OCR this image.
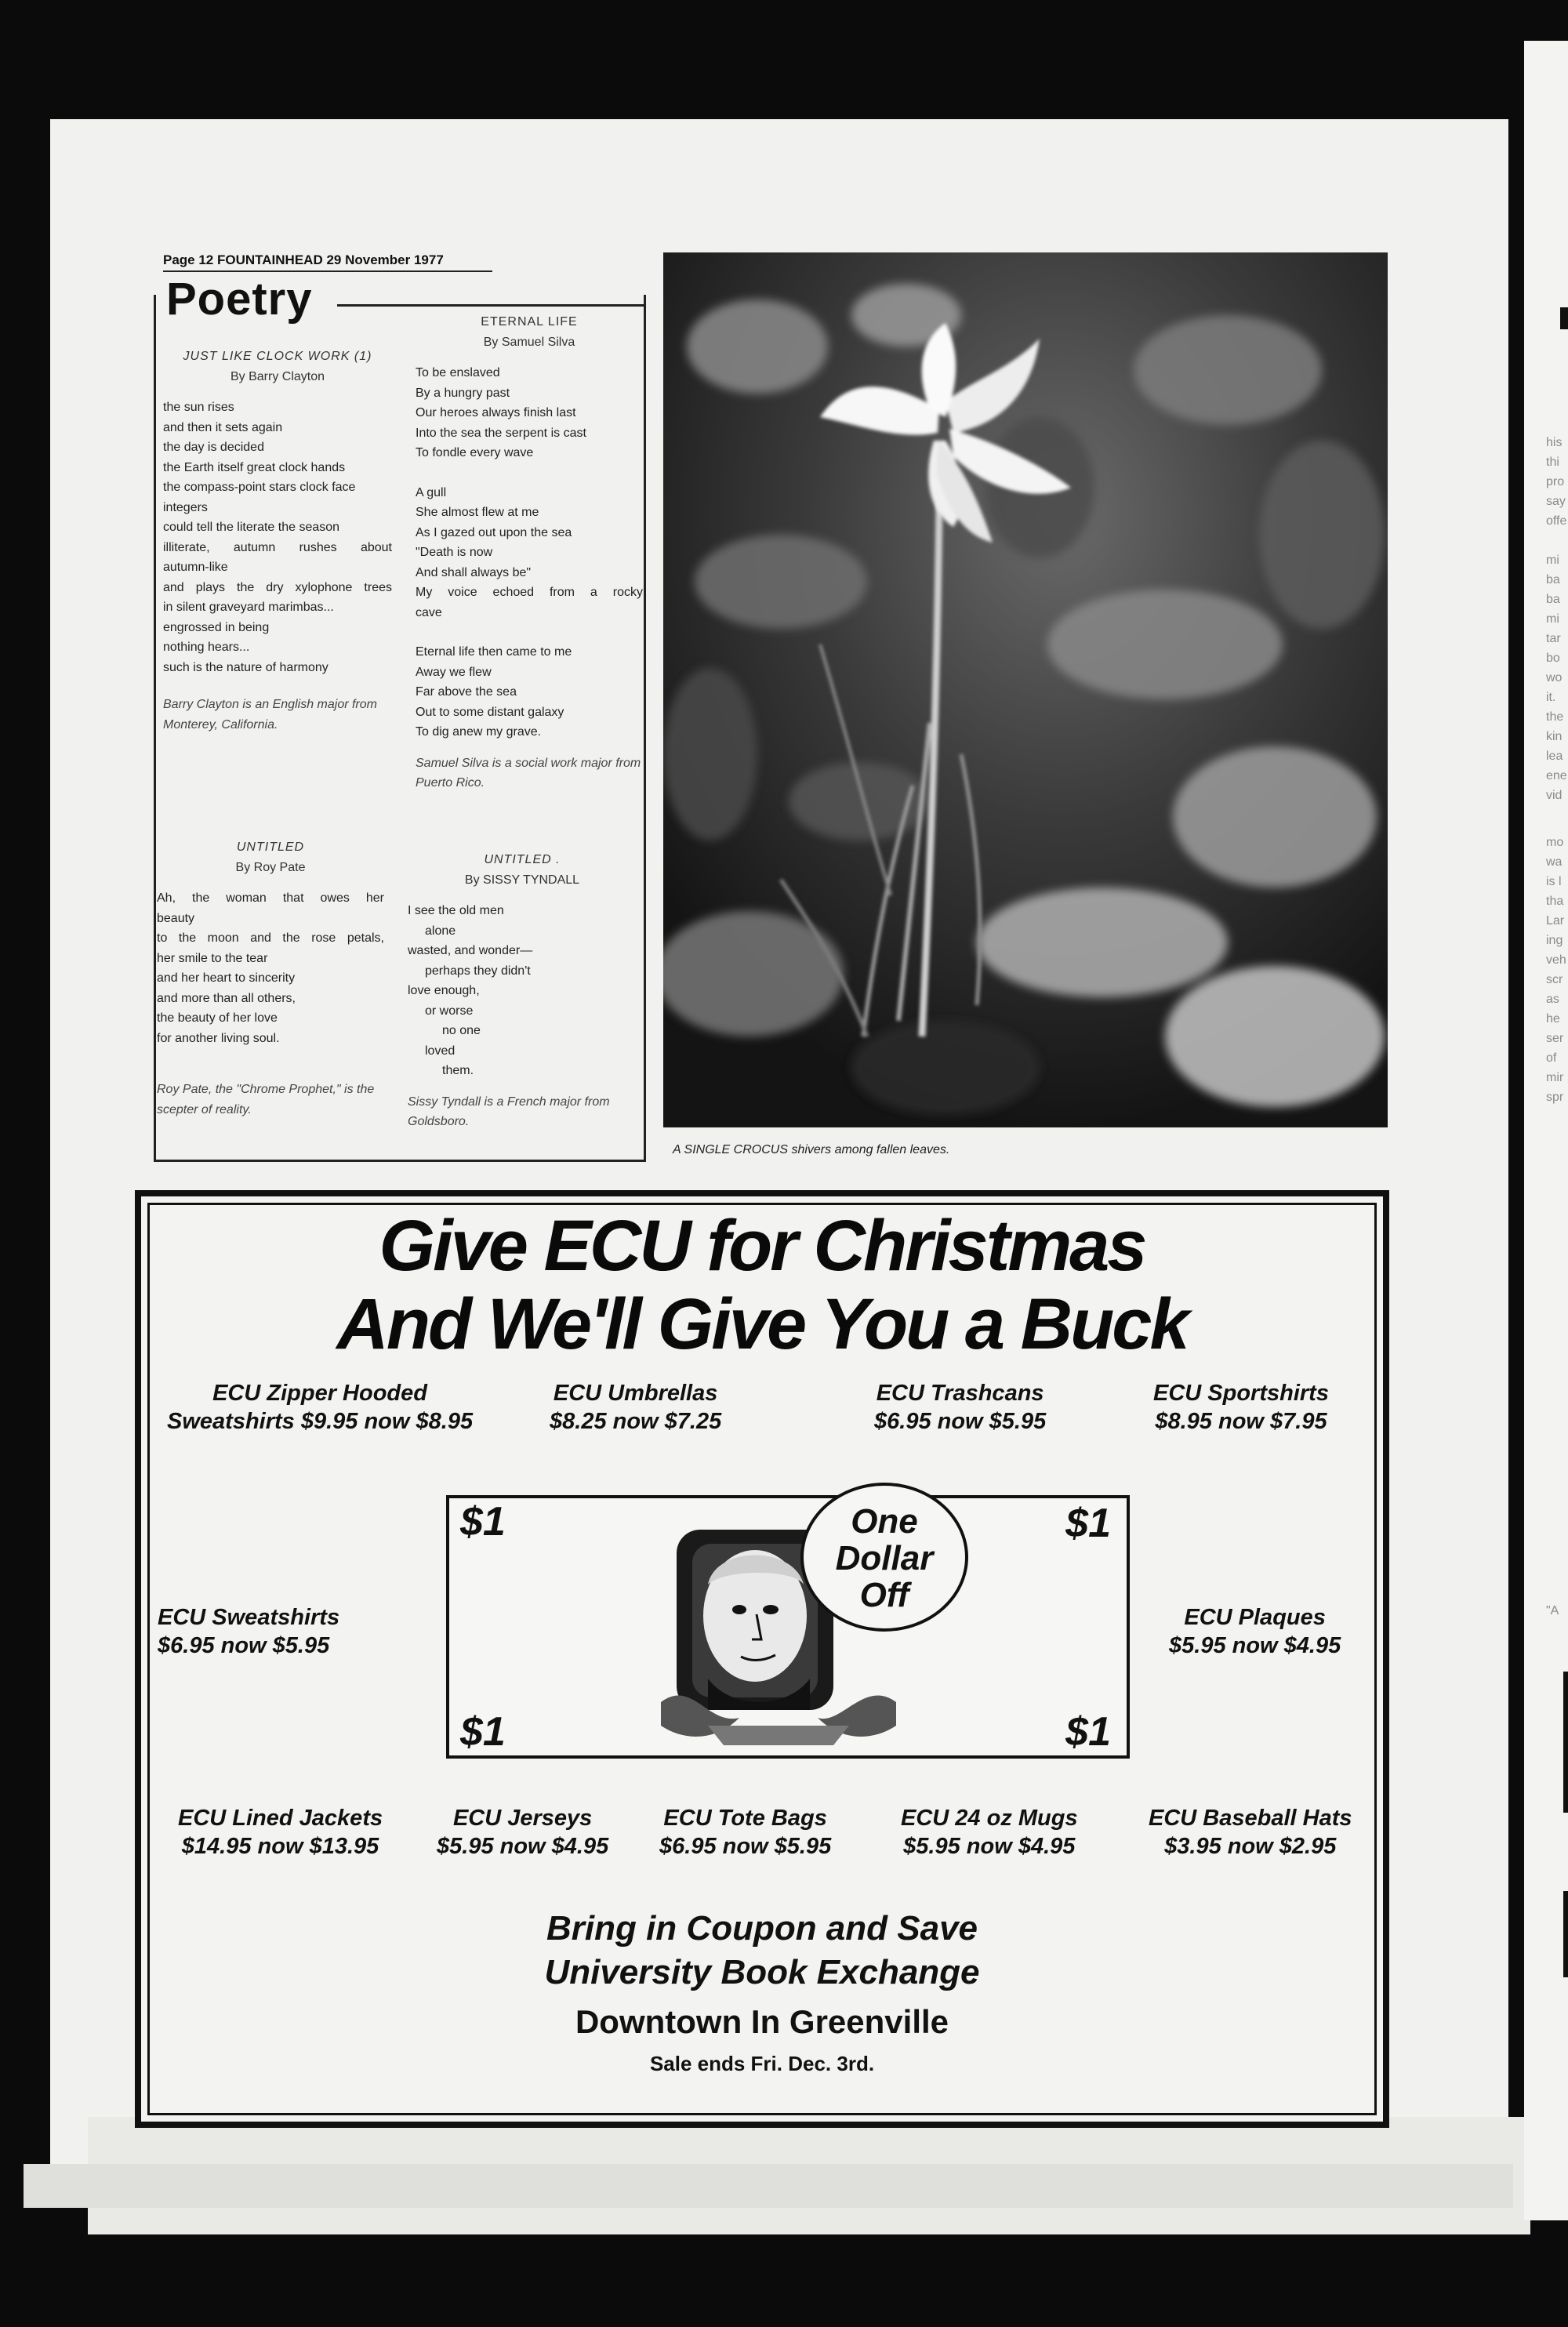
his
thi
pro
say
offe
mi
ba
ba
mi
tar
bo
wo
it.
the
kin
lea
ene
vid
mo
wa
is l
tha
Lar
ing
veh
scr
as
he
ser
of
mir
spr
"A
Page 12 FOUNTAINHEAD 29 November 1977
Poetry
JUST LIKE CLOCK WORK (1)
By Barry Clayton
the sun rises
and then it sets again
the day is decided
the Earth itself great clock hands
the compass-point stars clock face
integers
could tell the literate the season
illiterate, autumn rushes about
autumn-like
and plays the dry xylophone trees
in silent graveyard marimbas...
engrossed in being
nothing hears...
such is the nature of harmony
Barry Clayton is an English major from Monterey, California.
ETERNAL LIFE
By Samuel Silva
To be enslaved
By a hungry past
Our heroes always finish last
Into the sea the serpent is cast
To fondle every wave
A gull
She almost flew at me
As I gazed out upon the sea
"Death is now
And shall always be"
My voice echoed from a rocky
cave
Eternal life then came to me
Away we flew
Far above the sea
Out to some distant galaxy
To dig anew my grave.
Samuel Silva is a social work major from Puerto Rico.
UNTITLED
By Roy Pate
Ah, the woman that owes her
beauty
to the moon and the rose petals,
her smile to the tear
and her heart to sincerity
and more than all others,
the beauty of her love
for another living soul.
Roy Pate, the "Chrome Prophet," is the scepter of reality.
UNTITLED .
By SISSY TYNDALL
I see the old men
alone
wasted, and wonder—
perhaps they didn't
love enough,
or worse
no one
loved
them.
Sissy Tyndall is a French major from Goldsboro.
A SINGLE CROCUS shivers among fallen leaves.
Give ECU for Christmas
And We'll Give You a Buck
ECU Zipper Hooded
Sweatshirts $9.95 now $8.95
ECU Umbrellas
$8.25 now $7.25
ECU Trashcans
$6.95 now $5.95
ECU Sportshirts
$8.95 now $7.95
ECU Sweatshirts
$6.95 now $5.95
ECU Plaques
$5.95 now $4.95
$1	$1
$1	$1
One
Dollar
Off
ECU Lined Jackets
$14.95 now $13.95
ECU Jerseys
$5.95 now $4.95
ECU Tote Bags
$6.95 now $5.95
ECU 24 oz Mugs
$5.95 now $4.95
ECU Baseball Hats
$3.95 now $2.95
Bring in Coupon and Save
University Book Exchange
Downtown In Greenville
Sale ends Fri. Dec. 3rd.
